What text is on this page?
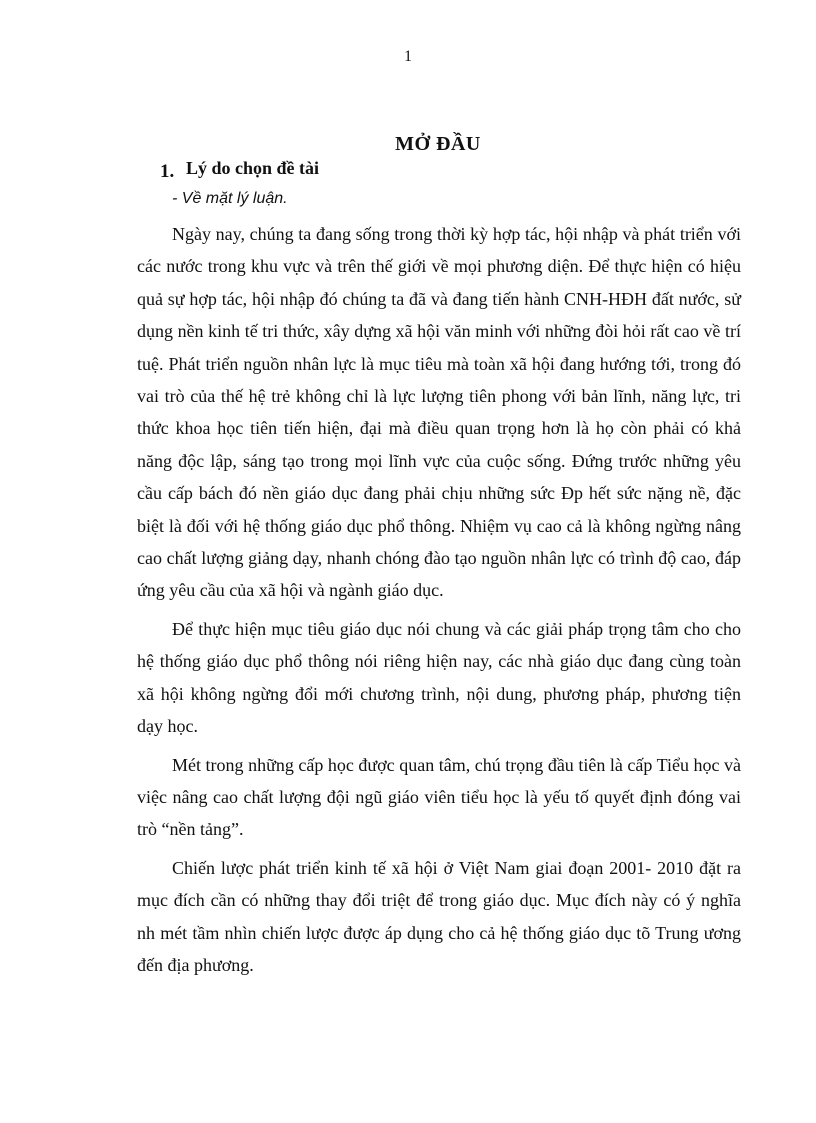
1
MỞ ĐẦU
1. Lý do chọn đề tài
- Về mặt lý luận.

Ngày nay, chúng ta đang sống trong thời kỳ hợp tác, hội nhập và phát triển với các nước trong khu vực và trên thế giới về mọi phương diện. Để thực hiện có hiệu quả sự hợp tác, hội nhập đó chúng ta đã và đang tiến hành CNH-HĐH đất nước, sử dụng nền kinh tế tri thức, xây dựng xã hội văn minh với những đòi hỏi rất cao về trí tuệ. Phát triển nguồn nhân lực là mục tiêu mà toàn xã hội đang hướng tới, trong đó vai trò của thế hệ trẻ không chỉ là lực lượng tiên phong với bản lĩnh, năng lực, tri thức khoa học tiên tiến hiện, đại mà điều quan trọng hơn là họ còn phải có khả năng độc lập, sáng tạo trong mọi lĩnh vực của cuộc sống. Đứng trước những yêu cầu cấp bách đó nền giáo dục đang phải chịu những sức Đp hết sức nặng nề, đặc biệt là đối với hệ thống giáo dục phổ thông. Nhiệm vụ cao cả là không ngừng nâng cao chất lượng giảng dạy, nhanh chóng đào tạo nguồn nhân lực có trình độ cao, đáp ứng yêu cầu của xã hội và ngành giáo dục.

Để thực hiện mục tiêu giáo dục nói chung và các giải pháp trọng tâm cho cho hệ thống giáo dục phổ thông nói riêng hiện nay, các nhà giáo dục đang cùng toàn xã hội không ngừng đổi mới chương trình, nội dung, phương pháp, phương tiện dạy học.

Mét trong những cấp học được quan tâm, chú trọng đầu tiên là cấp Tiểu học và việc nâng cao chất lượng đội ngũ giáo viên tiểu học là yếu tố quyết định đóng vai trò “nền tảng”.

Chiến lược phát triển kinh tế xã hội ở Việt Nam giai đoạn 2001- 2010 đặt ra mục đích cần có những thay đổi triệt để trong giáo dục. Mục đích này có ý nghĩa nh mét tầm nhìn chiến lược được áp dụng cho cả hệ thống giáo dục tõ Trung ương đến địa phương.
